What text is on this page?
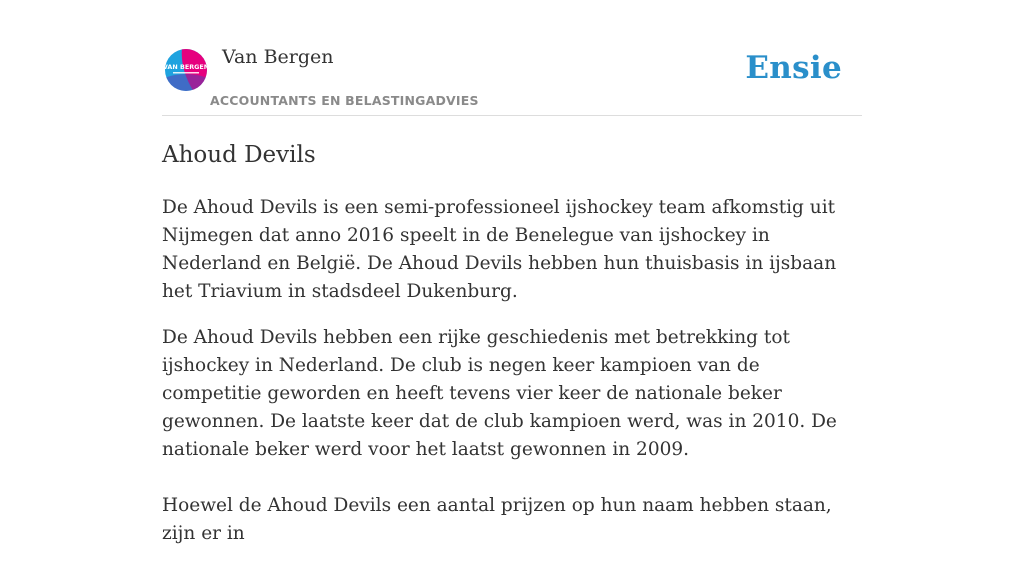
VAN BERGEN Van Bergen
ACCOUNTANTS EN BELASTINGADVIES
Ensie
Ahoud Devils

De Ahoud Devils is een semi-professioneel ijshockey team afkomstig uit Nijmegen dat anno 2016 speelt in de Benelegue van ijshockey in Nederland en België. De Ahoud Devils hebben hun thuisbasis in ijsbaan het Triavium in stadsdeel Dukenburg.

De Ahoud Devils hebben een rijke geschiedenis met betrekking tot ijshockey in Nederland. De club is negen keer kampioen van de competitie geworden en heeft tevens vier keer de nationale beker gewonnen. De laatste keer dat de club kampioen werd, was in 2010. De nationale beker werd voor het laatst gewonnen in 2009.

Hoewel de Ahoud Devils een aantal prijzen op hun naam hebben staan, zijn er in
